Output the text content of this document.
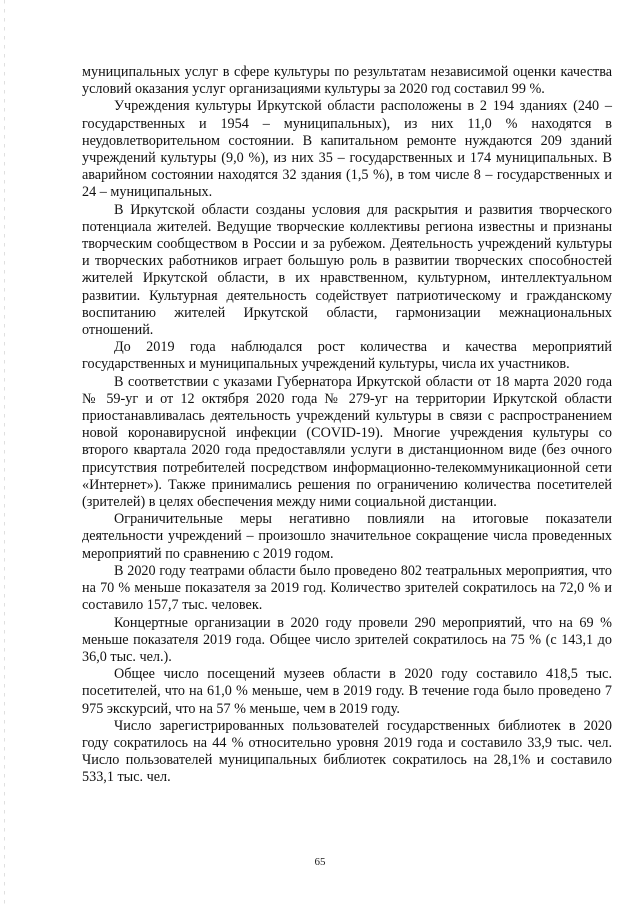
муниципальных услуг в сфере культуры по результатам независимой оценки качества условий оказания услуг организациями культуры за 2020 год составил 99 %.

Учреждения культуры Иркутской области расположены в 2 194 зданиях (240 – государственных и 1954 – муниципальных), из них 11,0 % находятся в неудовлетворительном состоянии. В капитальном ремонте нуждаются 209 зданий учреждений культуры (9,0 %), из них 35 – государственных и 174 муниципальных. В аварийном состоянии находятся 32 здания (1,5 %), в том числе 8 – государственных и 24 – муниципальных.

В Иркутской области созданы условия для раскрытия и развития творческого потенциала жителей. Ведущие творческие коллективы региона известны и признаны творческим сообществом в России и за рубежом. Деятельность учреждений культуры и творческих работников играет большую роль в развитии творческих способностей жителей Иркутской области, в их нравственном, культурном, интеллектуальном развитии. Культурная деятельность содействует патриотическому и гражданскому воспитанию жителей Иркутской области, гармонизации межнациональных отношений.

До 2019 года наблюдался рост количества и качества мероприятий государственных и муниципальных учреждений культуры, числа их участников.

В соответствии с указами Губернатора Иркутской области от 18 марта 2020 года № 59-уг и от 12 октября 2020 года № 279-уг на территории Иркутской области приостанавливалась деятельность учреждений культуры в связи с распространением новой коронавирусной инфекции (COVID-19). Многие учреждения культуры со второго квартала 2020 года предоставляли услуги в дистанционном виде (без очного присутствия потребителей посредством информационно-телекоммуникационной сети «Интернет»). Также принимались решения по ограничению количества посетителей (зрителей) в целях обеспечения между ними социальной дистанции.

Ограничительные меры негативно повлияли на итоговые показатели деятельности учреждений – произошло значительное сокращение числа проведенных мероприятий по сравнению с 2019 годом.

В 2020 году театрами области было проведено 802 театральных мероприятия, что на 70 % меньше показателя за 2019 год. Количество зрителей сократилось на 72,0 % и составило 157,7 тыс. человек.

Концертные организации в 2020 году провели 290 мероприятий, что на 69 % меньше показателя 2019 года. Общее число зрителей сократилось на 75 % (с 143,1 до 36,0 тыс. чел.).

Общее число посещений музеев области в 2020 году составило 418,5 тыс. посетителей, что на 61,0 % меньше, чем в 2019 году. В течение года было проведено 7 975 экскурсий, что на 57 % меньше, чем в 2019 году.

Число зарегистрированных пользователей государственных библиотек в 2020 году сократилось на 44 % относительно уровня 2019 года и составило 33,9 тыс. чел. Число пользователей муниципальных библиотек сократилось на 28,1% и составило 533,1 тыс. чел.

65
